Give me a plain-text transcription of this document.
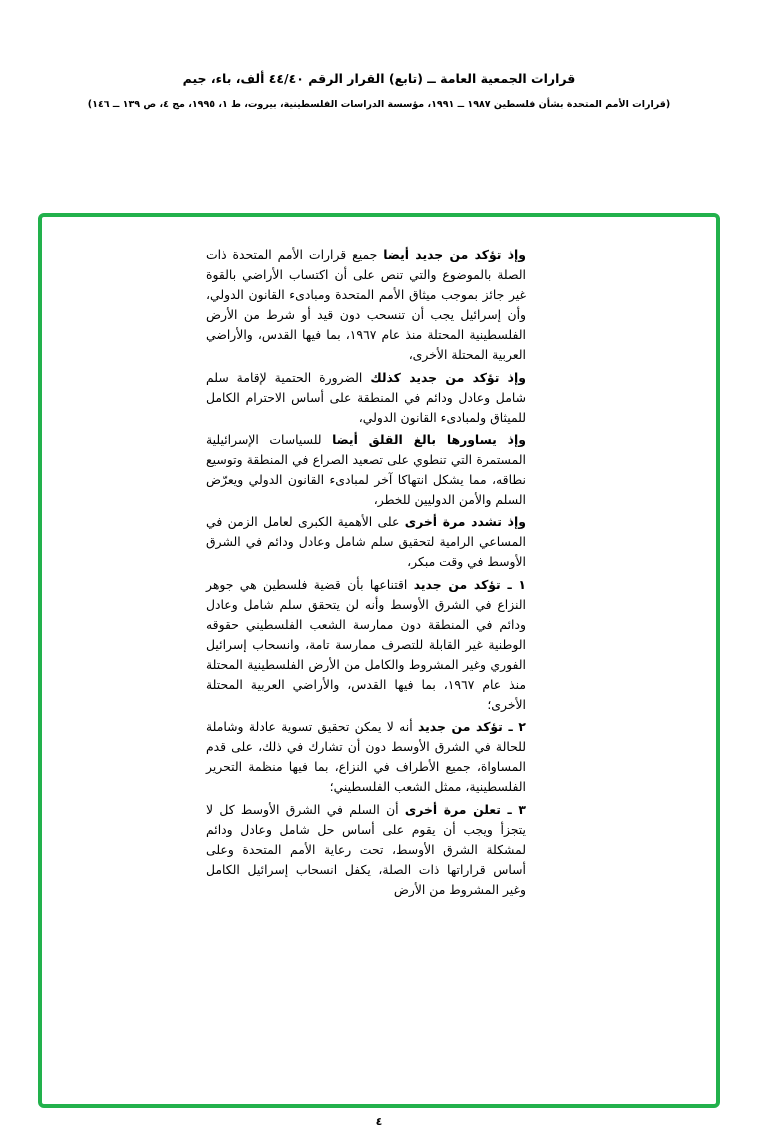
قرارات الجمعية العامة ــ (تابع) القرار الرقم ٤٤/٤٠ ألف، باء، جيم
(قرارات الأمم المتحدة بشأن فلسطين ١٩٨٧ ــ ١٩٩١، مؤسسة الدراسات الفلسطينية، بيروت، ط ١، ١٩٩٥، مج ٤، ص ١٣٩ ــ ١٤٦)

وإذ تؤكد من جديد أيضا جميع قرارات الأمم المتحدة ذات الصلة بالموضوع والتي تنص على أن اكتساب الأراضي بالقوة غير جائز بموجب ميثاق الأمم المتحدة ومبادىء القانون الدولي، وأن إسرائيل يجب أن تنسحب دون قيد أو شرط من الأرض الفلسطينية المحتلة منذ عام ١٩٦٧، بما فيها القدس، والأراضي العربية المحتلة الأخرى،

وإذ تؤكد من جديد كذلك الضرورة الحتمية لإقامة سلم شامل وعادل ودائم في المنطقة على أساس الاحترام الكامل للميثاق ولمبادىء القانون الدولي،

وإذ يساورها بالغ القلق أيضا للسياسات الإسرائيلية المستمرة التي تنطوي على تصعيد الصراع في المنطقة وتوسيع نطاقه، مما يشكل انتهاكا آخر لمبادىء القانون الدولي ويعرّض السلم والأمن الدوليين للخطر،

وإذ تشدد مرة أخرى على الأهمية الكبرى لعامل الزمن في المساعي الرامية لتحقيق سلم شامل وعادل ودائم في الشرق الأوسط في وقت مبكر،

١ ـ تؤكد من جديد اقتناعها بأن قضية فلسطين هي جوهر النزاع في الشرق الأوسط وأنه لن يتحقق سلم شامل وعادل ودائم في المنطقة دون ممارسة الشعب الفلسطيني حقوقه الوطنية غير القابلة للتصرف ممارسة تامة، وانسحاب إسرائيل الفوري وغير المشروط والكامل من الأرض الفلسطينية المحتلة منذ عام ١٩٦٧، بما فيها القدس، والأراضي العربية المحتلة الأخرى؛

٢ ـ تؤكد من جديد أنه لا يمكن تحقيق تسوية عادلة وشاملة للحالة في الشرق الأوسط دون أن تشارك في ذلك، على قدم المساواة، جميع الأطراف في النزاع، بما فيها منظمة التحرير الفلسطينية، ممثل الشعب الفلسطيني؛

٣ ـ تعلن مرة أخرى أن السلم في الشرق الأوسط كل لا يتجزأ ويجب أن يقوم على أساس حل شامل وعادل ودائم لمشكلة الشرق الأوسط، تحت رعاية الأمم المتحدة وعلى أساس قراراتها ذات الصلة، يكفل انسحاب إسرائيل الكامل وغير المشروط من الأرض

٤
